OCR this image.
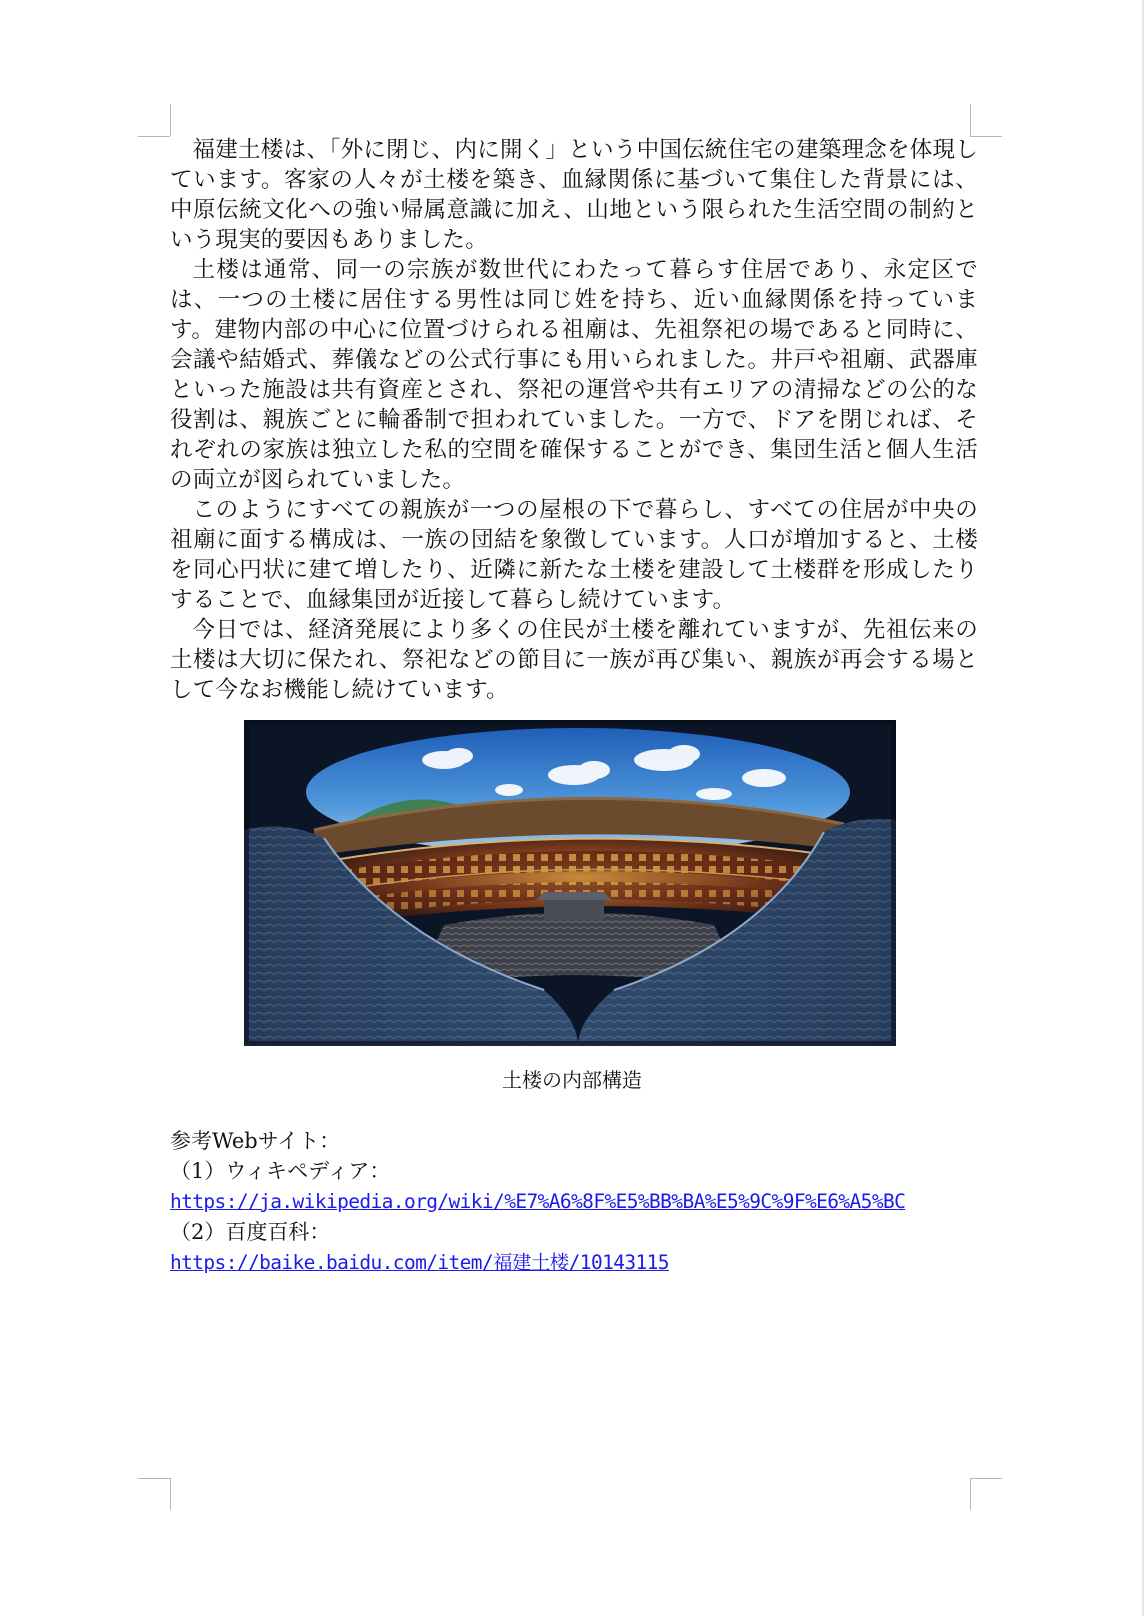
福建土楼は、「外に閉じ、内に開く」という中国伝統住宅の建築理念を体現しています。客家の人々が土楼を築き、血縁関係に基づいて集住した背景には、中原伝統文化への強い帰属意識に加え、山地という限られた生活空間の制約という現実的要因もありました。

土楼は通常、同一の宗族が数世代にわたって暮らす住居であり、永定区では、一つの土楼に居住する男性は同じ姓を持ち、近い血縁関係を持っています。建物内部の中心に位置づけられる祖廟は、先祖祭祀の場であると同時に、会議や結婚式、葬儀などの公式行事にも用いられました。井戸や祖廟、武器庫といった施設は共有資産とされ、祭祀の運営や共有エリアの清掃などの公的な役割は、親族ごとに輪番制で担われていました。一方で、ドアを閉じれば、それぞれの家族は独立した私的空間を確保することができ、集団生活と個人生活の両立が図られていました。

このようにすべての親族が一つの屋根の下で暮らし、すべての住居が中央の祖廟に面する構成は、一族の団結を象徴しています。人口が増加すると、土楼を同心円状に建て増したり、近隣に新たな土楼を建設して土楼群を形成したりすることで、血縁集団が近接して暮らし続けています。

今日では、経済発展により多くの住民が土楼を離れていますが、先祖伝来の土楼は大切に保たれ、祭祀などの節目に一族が再び集い、親族が再会する場として今なお機能し続けています。

土楼の内部構造
参考Webサイト：
（1）ウィキペディア：
https://ja.wikipedia.org/wiki/%E7%A6%8F%E5%BB%BA%E5%9C%9F%E6%A5%BC
（2）百度百科：
https://baike.baidu.com/item/福建土楼/10143115
